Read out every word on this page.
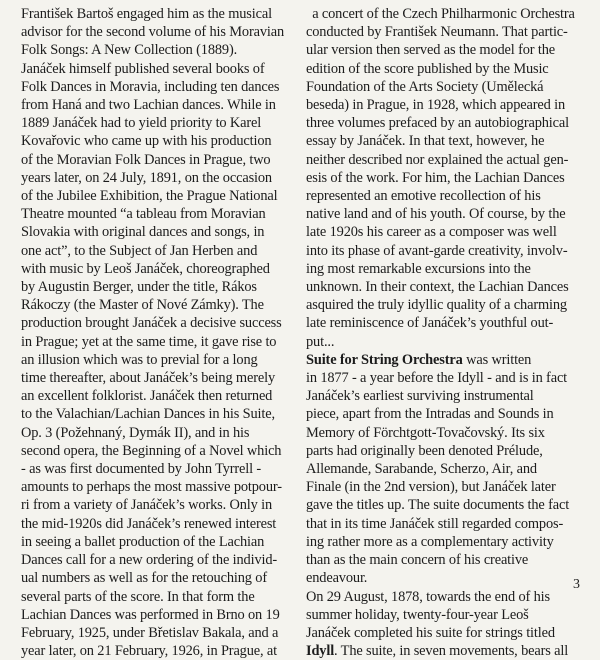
František Bartoš engaged him as the musical
advisor for the second volume of his Moravian
Folk Songs: A New Collection (1889).
Janáček himself published several books of
Folk Dances in Moravia, including ten dances
from Haná and two Lachian dances. While in
1889 Janáček had to yield priority to Karel
Kovařovic who came up with his production
of the Moravian Folk Dances in Prague, two
years later, on 24 July, 1891, on the occasion
of the Jubilee Exhibition, the Prague National
Theatre mounted “a tableau from Moravian
Slovakia with original dances and songs, in
one act”, to the Subject of Jan Herben and
with music by Leoš Janáček, choreographed
by Augustin Berger, under the title, Rákos
Rákoczy (the Master of Nové Zámky). The
production brought Janáček a decisive success
in Prague; yet at the same time, it gave rise to
an illusion which was to previal for a long
time thereafter, about Janáček’s being merely
an excellent folklorist. Janáček then returned
to the Valachian/Lachian Dances in his Suite,
Op. 3 (Požehnaný, Dymák II), and in his
second opera, the Beginning of a Novel which
- as was first documented by John Tyrrell -
amounts to perhaps the most massive potpour-
ri from a variety of Janáček’s works. Only in
the mid-1920s did Janáček’s renewed interest
in seeing a ballet production of the Lachian
Dances call for a new ordering of the individ-
ual numbers as well as for the retouching of
several parts of the score. In that form the
Lachian Dances was performed in Brno on 19
February, 1925, under Břetislav Bakala, and a
year later, on 21 February, 1926, in Prague, at
a concert of the Czech Philharmonic Orchestra
conducted by František Neumann. That partic-
ular version then served as the model for the
edition of the score published by the Music
Foundation of the Arts Society (Umělecká
beseda) in Prague, in 1928, which appeared in
three volumes prefaced by an autobiographical
essay by Janáček. In that text, however, he
neither described nor explained the actual gen-
esis of the work. For him, the Lachian Dances
represented an emotive recollection of his
native land and of his youth. Of course, by the
late 1920s his career as a composer was well
into its phase of avant-garde creativity, involv-
ing most remarkable excursions into the
unknown. In their context, the Lachian Dances
asquired the truly idyllic quality of a charming
late reminiscence of Janáček’s youthful out-
put...
Suite for String Orchestra was written
in 1877 - a year before the Idyll - and is in fact
Janáček’s earliest surviving instrumental
piece, apart from the Intradas and Sounds in
Memory of Förchtgott-Tovačovský. Its six
parts had originally been denoted Prélude,
Allemande, Sarabande, Scherzo, Air, and
Finale (in the 2nd version), but Janáček later
gave the titles up. The suite documents the fact
that in its time Janáček still regarded compos-
ing rather more as a complementary activity
than as the main concern of his creative
endeavour.
On 29 August, 1878, towards the end of his
summer holiday, twenty-four-year Leoš
Janáček completed his suite for strings titled
Idyll. The suite, in seven movements, bears all
3
